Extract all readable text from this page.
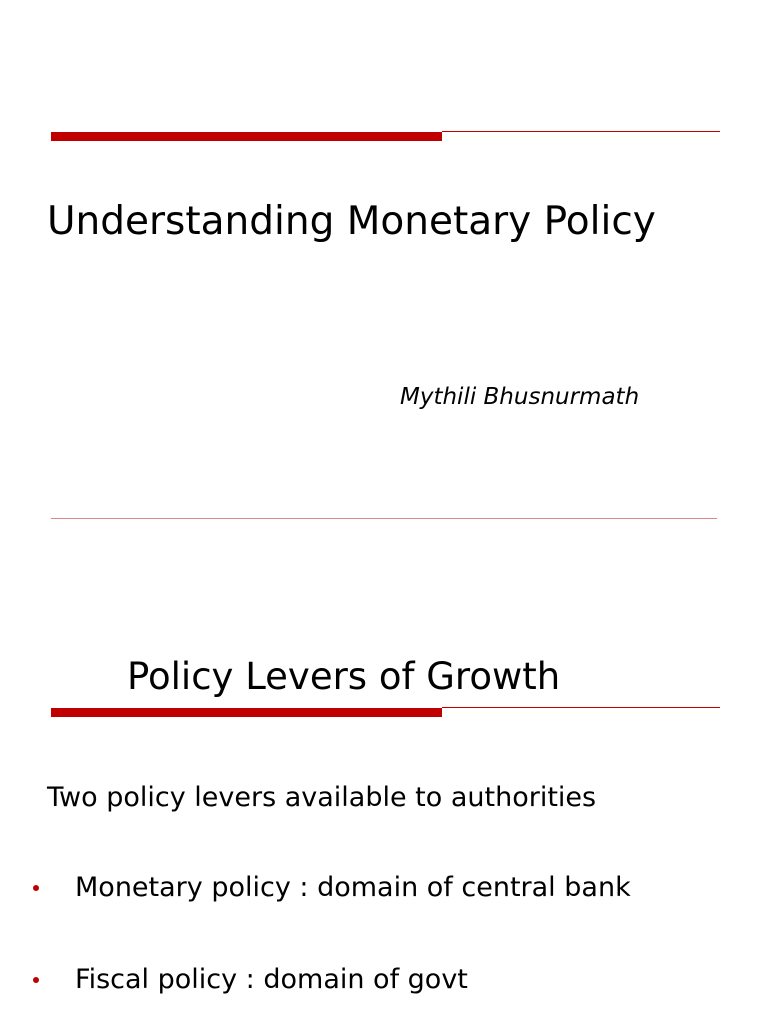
Understanding Monetary Policy

Mythili Bhusnurmath

Policy Levers of Growth

Two policy levers available to authorities

Monetary policy : domain of central bank
Fiscal policy : domain of govt
